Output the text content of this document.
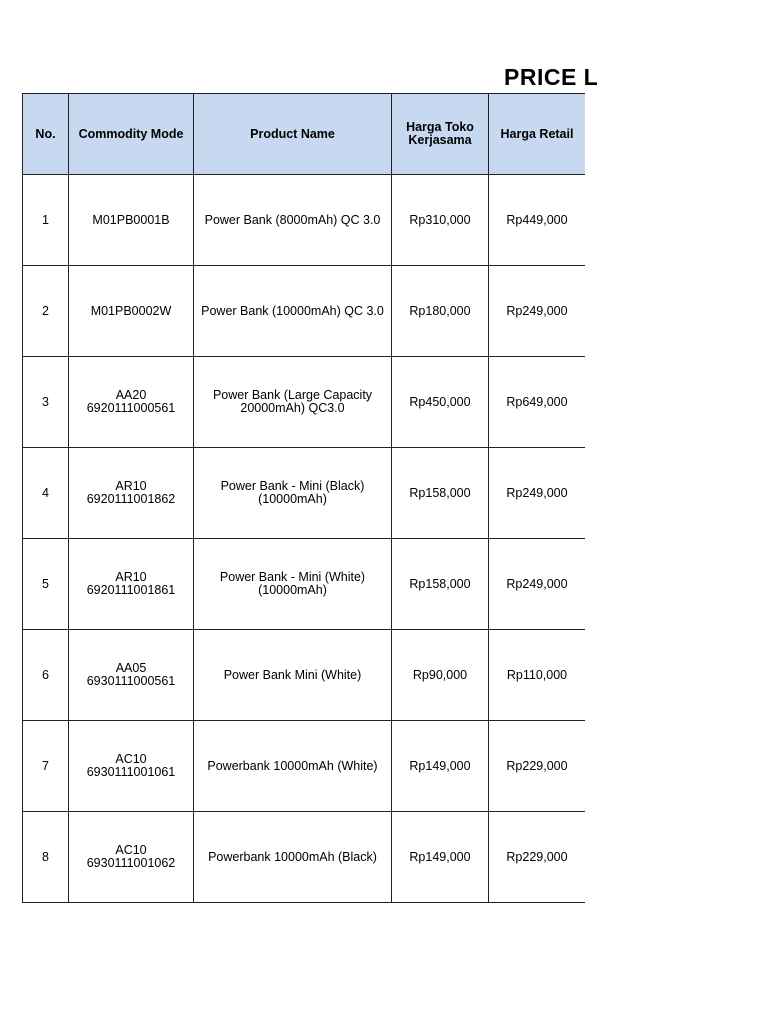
PRICE L
No.	Commodity Mode	Product Name	Harga Toko Kerjasama	Harga Retail
1	M01PB0001B	Power Bank (8000mAh) QC 3.0	Rp310,000	Rp449,000
2	M01PB0002W	Power Bank (10000mAh) QC 3.0	Rp180,000	Rp249,000
3	AA20
6920111000561	Power Bank (Large Capacity
20000mAh) QC3.0	Rp450,000	Rp649,000
4	AR10
6920111001862	Power Bank - Mini (Black)
(10000mAh)	Rp158,000	Rp249,000
5	AR10
6920111001861	Power Bank - Mini (White)
(10000mAh)	Rp158,000	Rp249,000
6	AA05
6930111000561	Power Bank Mini (White)	Rp90,000	Rp110,000
7	AC10
6930111001061	Powerbank 10000mAh (White)	Rp149,000	Rp229,000
8	AC10
6930111001062	Powerbank 10000mAh (Black)	Rp149,000	Rp229,000
